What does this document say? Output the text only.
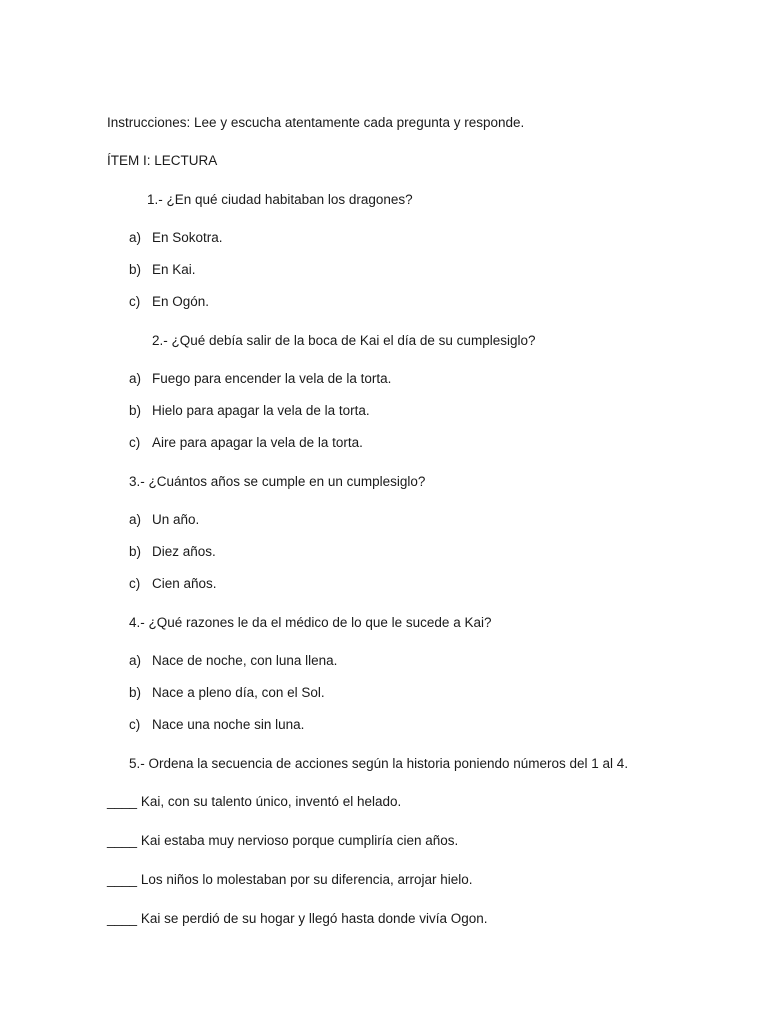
Instrucciones: Lee y escucha atentamente cada pregunta y responde.
ÍTEM I: LECTURA
1.- ¿En qué ciudad habitaban los dragones?
a) En Sokotra.
b) En Kai.
c) En Ogón.
2.- ¿Qué debía salir de la boca de Kai el día de su cumplesiglo?
a) Fuego para encender la vela de la torta.
b) Hielo para apagar la vela de la torta.
c) Aire para apagar la vela de la torta.
3.- ¿Cuántos años se cumple en un cumplesiglo?
a) Un año.
b) Diez años.
c) Cien años.
4.- ¿Qué razones le da el médico de lo que le sucede a Kai?
a) Nace de noche, con luna llena.
b) Nace a pleno día, con el Sol.
c) Nace una noche sin luna.
5.- Ordena la secuencia de acciones según la historia poniendo números del 1 al 4.
____ Kai, con su talento único, inventó el helado.
____ Kai estaba muy nervioso porque cumpliría cien años.
____ Los niños lo molestaban por su diferencia, arrojar hielo.
____ Kai se perdió de su hogar y llegó hasta donde vivía Ogon.
